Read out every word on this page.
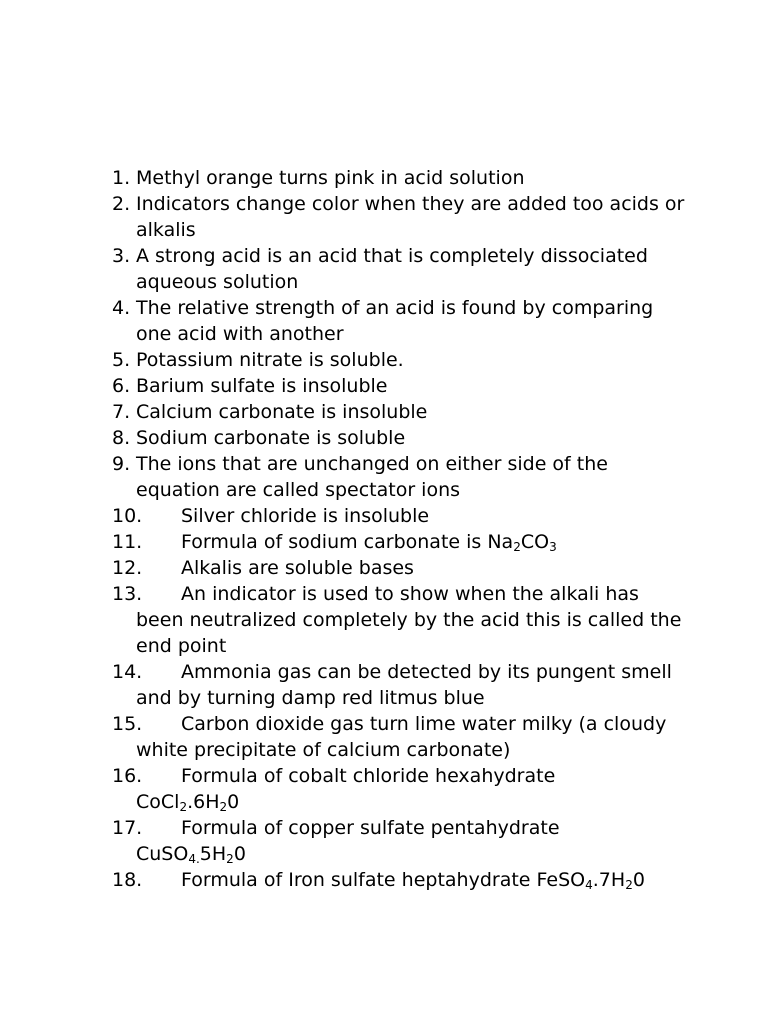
1. Methyl orange turns pink in acid solution
2. Indicators change color when they are added too acids or alkalis
3. A strong acid is an acid that is completely dissociated aqueous solution
4. The relative strength of an acid is found by comparing one acid with another
5. Potassium nitrate is soluble.
6. Barium sulfate is insoluble
7. Calcium carbonate is insoluble
8. Sodium carbonate is soluble
9. The ions that are unchanged on either side of the equation are called spectator ions
10. Silver chloride is insoluble
11. Formula of sodium carbonate is $Na_2CO_3$
12. Alkalis are soluble bases
13. An indicator is used to show when the alkali has been neutralized completely by the acid this is called the end point
14. Ammonia gas can be detected by its pungent smell and by turning damp red litmus blue
15. Carbon dioxide gas turn lime water milky (a cloudy white precipitate of calcium carbonate)
16. Formula of cobalt chloride hexahydrate
$CoCl_2.6H_20$
17. Formula of copper sulfate pentahydrate
$CuSO_{4.}5H_20$
18. Formula of Iron sulfate heptahydrate $FeSO_4.7H_20$
